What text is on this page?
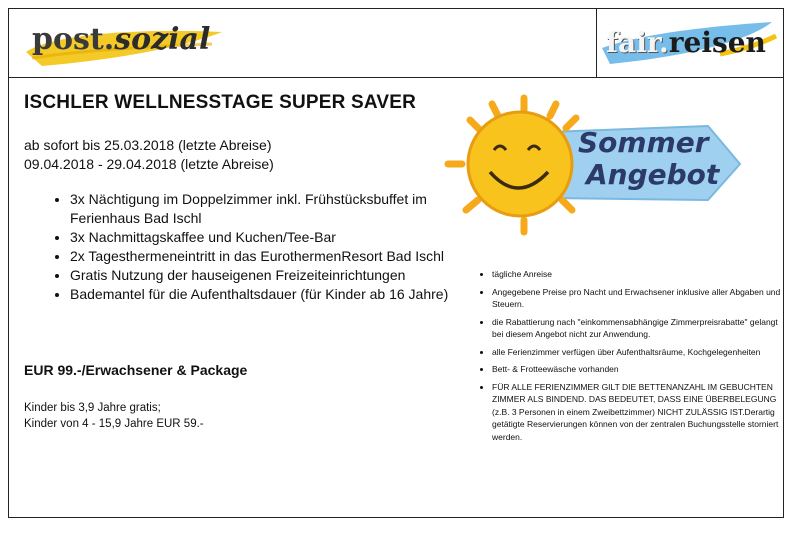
post.sozial	fair.reisen
ISCHLER WELLNESSTAGE SUPER SAVER
ab sofort bis 25.03.2018 (letzte Abreise)
09.04.2018 - 29.04.2018 (letzte Abreise)
• 3x Nächtigung im Doppelzimmer inkl. Frühstücksbuffet im Ferienhaus Bad Ischl
• 3x Nachmittagskaffee und Kuchen/Tee-Bar
• 2x Tagesthermeneintritt in das EurothermenResort Bad Ischl
• Gratis Nutzung der hauseigenen Freizeiteinrichtungen
• Bademantel für die Aufenthaltsdauer (für Kinder ab 16 Jahre)
EUR 99.-/Erwachsener & Package
Kinder bis 3,9 Jahre gratis;
Kinder von 4 - 15,9 Jahre EUR 59.-
Sommer
Angebot
• tägliche Anreise
• Angegebene Preise pro Nacht und Erwachsener inklusive aller Abgaben und Steuern.
• die Rabattierung nach "einkommensabhängige Zimmerpreisrabatte" gelangt bei diesem Angebot nicht zur Anwendung.
• alle Ferienzimmer verfügen über Aufenthaltsräume, Kochgelegenheiten
• Bett- & Frotteewäsche vorhanden
• FÜR ALLE FERIENZIMMER GILT DIE BETTENANZAHL IM GEBUCHTEN ZIMMER ALS BINDEND. DAS BEDEUTET, DASS EINE ÜBERBELEGUNG (z.B. 3 Personen in einem Zweibettzimmer) NICHT ZULÄSSIG IST.Derartig getätigte Reservierungen können von der zentralen Buchungsstelle storniert werden.
